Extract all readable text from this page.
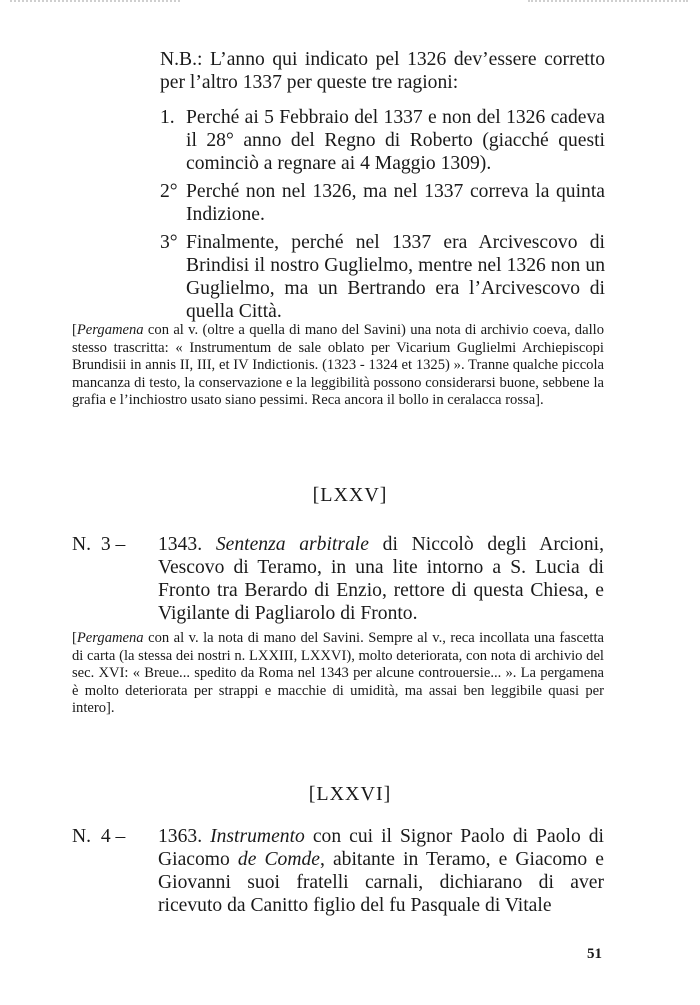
N.B.: L’anno qui indicato pel 1326 dev’essere corretto per l’altro 1337 per queste tre ragioni:

1. Perché ai 5 Febbraio del 1337 e non del 1326 cadeva il 28° anno del Regno di Roberto (giacché questi cominciò a regnare ai 4 Maggio 1309).

2° Perché non nel 1326, ma nel 1337 correva la quinta Indizione.

3° Finalmente, perché nel 1337 era Arcivescovo di Brindisi il nostro Guglielmo, mentre nel 1326 non un Guglielmo, ma un Bertrando era l’Arcivescovo di quella Città.

[Pergamena con al v. (oltre a quella di mano del Savini) una nota di archivio coeva, dallo stesso trascritta: « Instrumentum de sale oblato per Vicarium Guglielmi Archiepiscopi Brundisii in annis II, III, et IV Indictionis. (1323 - 1324 et 1325) ». Tranne qualche piccola mancanza di testo, la conservazione e la leggibilità possono considerarsi buone, sebbene la grafia e l’inchiostro usato siano pessimi. Reca ancora il bollo in ceralacca rossa].

[LXXV]
N.  3 – 1343. Sentenza arbitrale di Niccolò degli Arcioni, Vescovo di Teramo, in una lite intorno a S. Lucia di Fronto tra Berardo di Enzio, rettore di questa Chiesa, e Vigilante di Pagliarolo di Fronto.

[Pergamena con al v. la nota di mano del Savini. Sempre al v., reca incollata una fascetta di carta (la stessa dei nostri n. LXXIII, LXXVI), molto deteriorata, con nota di archivio del sec. XVI: « Breue... spedito da Roma nel 1343 per alcune controuersie... ». La pergamena è molto deteriorata per strappi e macchie di umidità, ma assai ben leggibile quasi per intero].

[LXXVI]
N.  4 – 1363. Instrumento con cui il Signor Paolo di Paolo di Giacomo de Comde, abitante in Teramo, e Giacomo e Giovanni suoi fratelli carnali, dichiarano di aver ricevuto da Canitto figlio del fu Pasquale di Vitale
51
